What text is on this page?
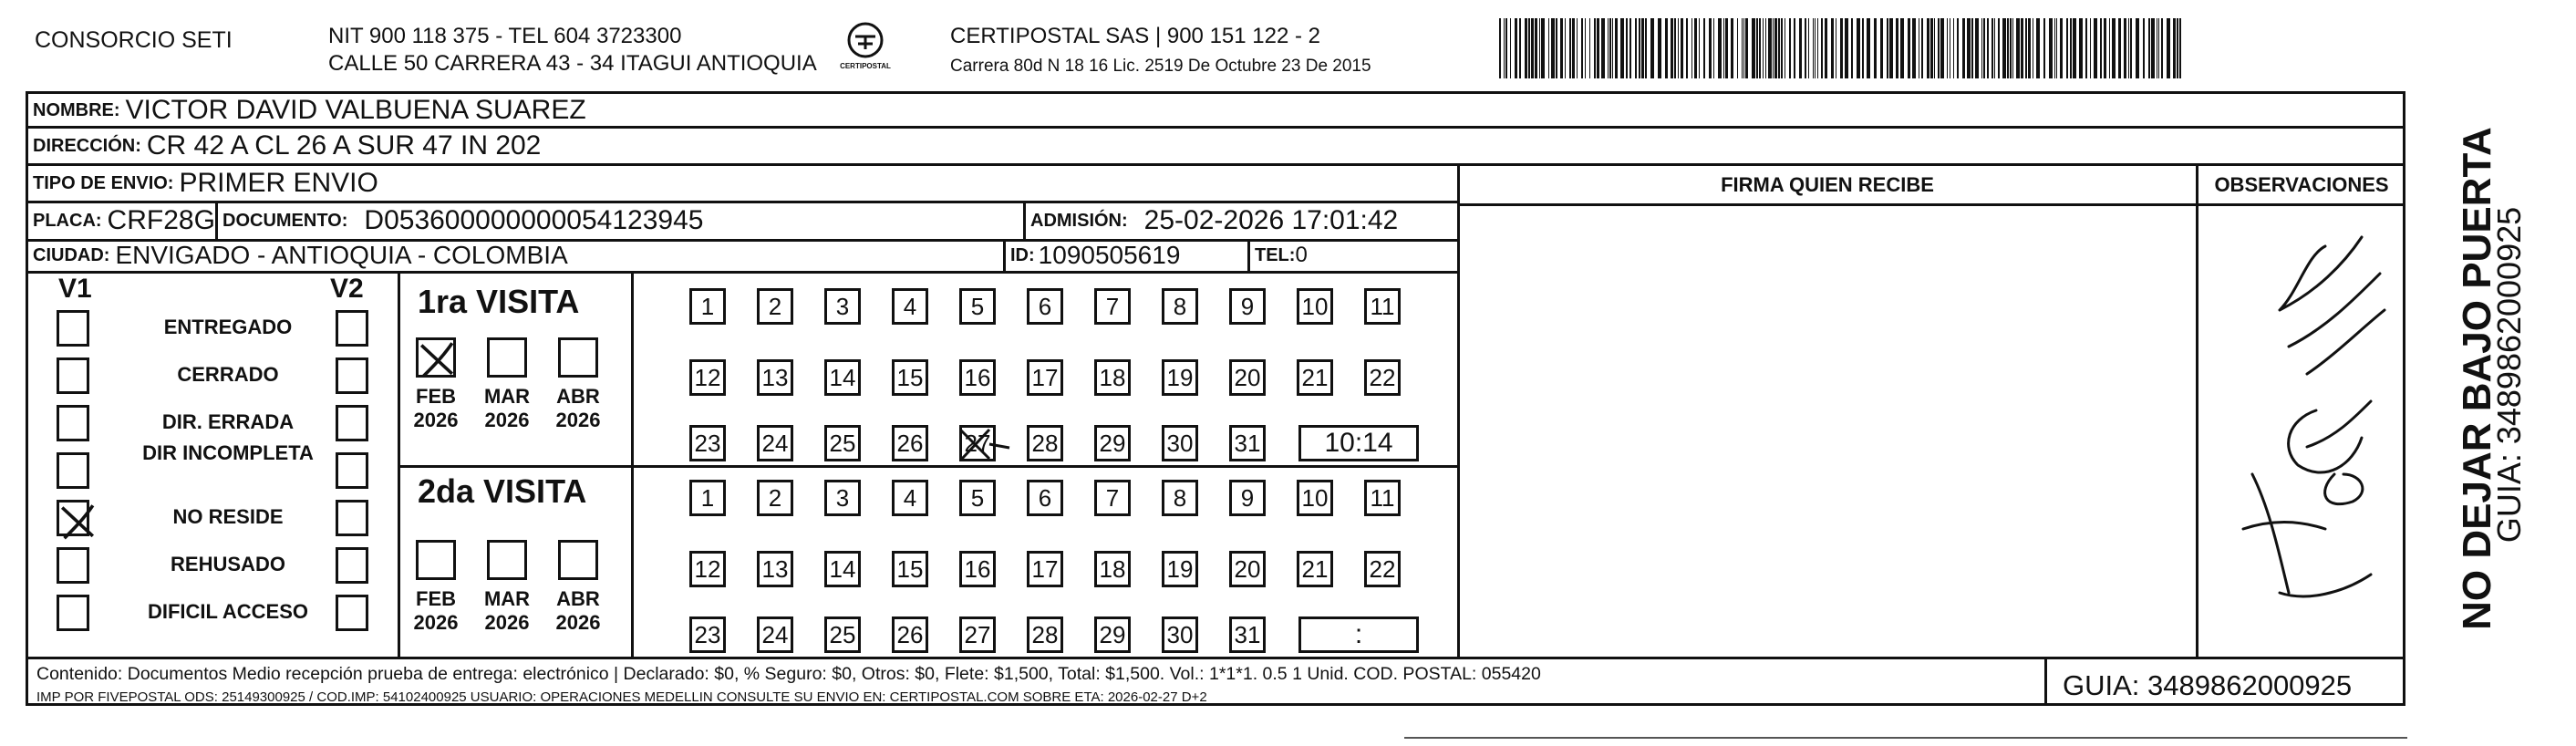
CONSORCIO SETI	NIT 900 118 375 - TEL 604 3723300
CALLE 50 CARRERA 43 - 34 ITAGUI ANTIOQUIA	CERTIPOSTAL
CERTIPOSTAL SAS | 900 151 122 - 2
Carrera 80d N 18 16 Lic. 2519 De Octubre 23 De 2015
NOMBRE: VICTOR DAVID VALBUENA SUAREZ
DIRECCIÓN: CR 42 A CL 26 A SUR 47 IN 202
TIPO DE ENVIO: PRIMER ENVIO
PLACA: CRF28G DOCUMENTO: D053600000000054123945	ADMISIÓN: 25-02-2026 17:01:42
CIUDAD: ENVIGADO - ANTIOQUIA - COLOMBIA	ID: 1090505619	TEL: 0
FIRMA QUIEN RECIBE	OBSERVACIONES
V1	V2
ENTREGADO
CERRADO
DIR. ERRADA
DIR INCOMPLETA
NO RESIDE
REHUSADO
DIFICIL ACCESO
1ra VISITA
FEB
2026
MAR
2026
ABR
2026
1	2	3	4	5	6	7	8	9	10 11
12 13 14 15 16 17 18 19 20 21 22
23 24 25 26 27 28 29 30 31	10:14
2da VISITA
FEB
2026
MAR
2026
ABR
2026
1	2	3	4	5	6	7	8	9	10 11
12 13 14 15 16 17 18 19 20 21 22
23 24 25 26 27 28 29 30 31	:
Contenido: Documentos Medio recepción prueba de entrega: electrónico | Declarado: $0, % Seguro: $0, Otros: $0, Flete: $1,500, Total: $1,500. Vol.: 1*1*1. 0.5 1 Unid. COD. POSTAL: 055420
IMP POR FIVEPOSTAL ODS: 25149300925 / COD.IMP: 54102400925 USUARIO: OPERACIONES MEDELLIN CONSULTE SU ENVIO EN: CERTIPOSTAL.COM SOBRE ETA: 2026-02-27 D+2	GUIA: 3489862000925
NO DEJAR BAJO PUERTA
GUIA: 3489862000925
